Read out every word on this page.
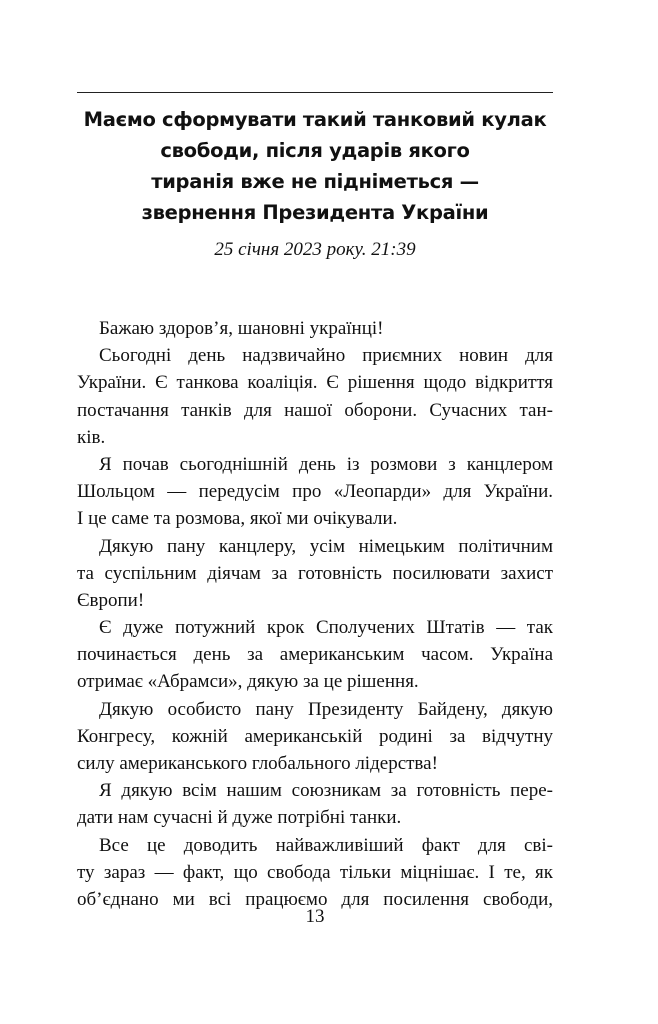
Маємо сформувати такий танковий кулак
свободи, після ударів якого
тиранія вже не підніметься —
звернення Президента України
25 січня 2023 року. 21:39
Бажаю здоров’я, шановні українці!
Сьогодні день надзвичайно приємних новин для
України. Є танкова коаліція. Є рішення щодо відкриття
постачання танків для нашої оборони. Сучасних тан-
ків.
Я почав сьогоднішній день із розмови з канцлером
Шольцом — передусім про «Леопарди» для України.
І це саме та розмова, якої ми очікували.
Дякую пану канцлеру, усім німецьким політичним
та суспільним діячам за готовність посилювати захист
Європи!
Є дуже потужний крок Сполучених Штатів — так
починається день за американським часом. Україна
отримає «Абрамси», дякую за це рішення.
Дякую особисто пану Президенту Байдену, дякую
Конгресу, кожній американській родині за відчутну
силу американського глобального лідерства!
Я дякую всім нашим союзникам за готовність пере-
дати нам сучасні й дуже потрібні танки.
Все це доводить найважливіший факт для сві-
ту зараз — факт, що свобода тільки міцнішає. І те, як
об’єднано ми всі працюємо для посилення свободи,
13
